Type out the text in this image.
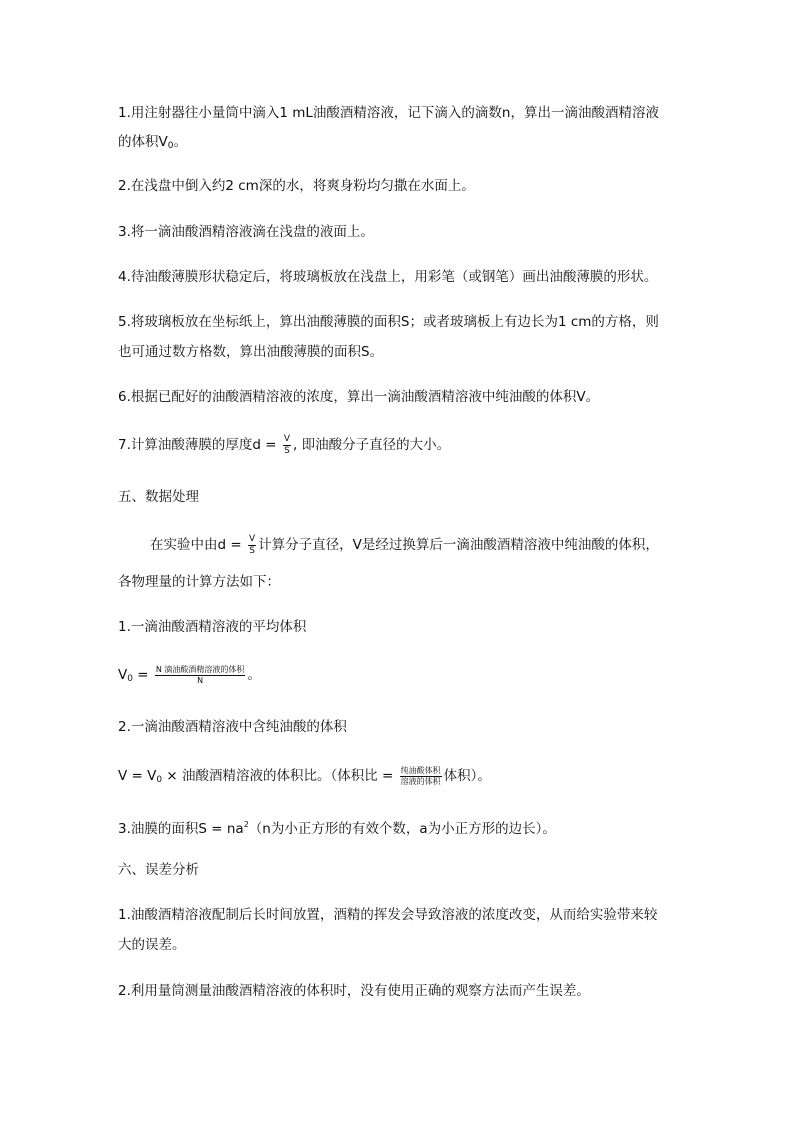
1.用注射器往小量筒中滴入1 mL油酸酒精溶液，记下滴入的滴数n，算出一滴油酸酒精溶液
的体积$V_0$。
2.在浅盘中倒入约2 cm深的水，将爽身粉均匀撒在水面上。
3.将一滴油酸酒精溶液滴在浅盘的液面上。
4.待油酸薄膜形状稳定后，将玻璃板放在浅盘上，用彩笔（或钢笔）画出油酸薄膜的形状。
5.将玻璃板放在坐标纸上，算出油酸薄膜的面积S；或者玻璃板上有边长为1 cm的方格，则
也可通过数方格数，算出油酸薄膜的面积S。
6.根据已配好的油酸酒精溶液的浓度，算出一滴油酸酒精溶液中纯油酸的体积V。
7.计算油酸薄膜的厚度$d = \frac{V}{S}$ , 即油酸分子直径的大小。
五、数据处理
在实验中由$d = \frac{V}{S}$ 计算分子直径，V是经过换算后一滴油酸酒精溶液中纯油酸的体积，
各物理量的计算方法如下：
1.一滴油酸酒精溶液的平均体积
$V_0 = \frac{\text{N 滴油酸酒精溶液的体积}}{N}$ 。
2.一滴油酸酒精溶液中含纯油酸的体积
$V = V_0$ × 油酸酒精溶液的体积比。（体积比 = $\frac{\text{纯油酸体积}}{\text{溶液的体积}}$ 体积）。
3.油膜的面积$S = na^2(n$为小正方形的有效个数，a为小正方形的边长）。
六、误差分析
1.油酸酒精溶液配制后长时间放置，酒精的挥发会导致溶液的浓度改变，从而给实验带来较
大的误差。
2.利用量筒测量油酸酒精溶液的体积时，没有使用正确的观察方法而产生误差。
